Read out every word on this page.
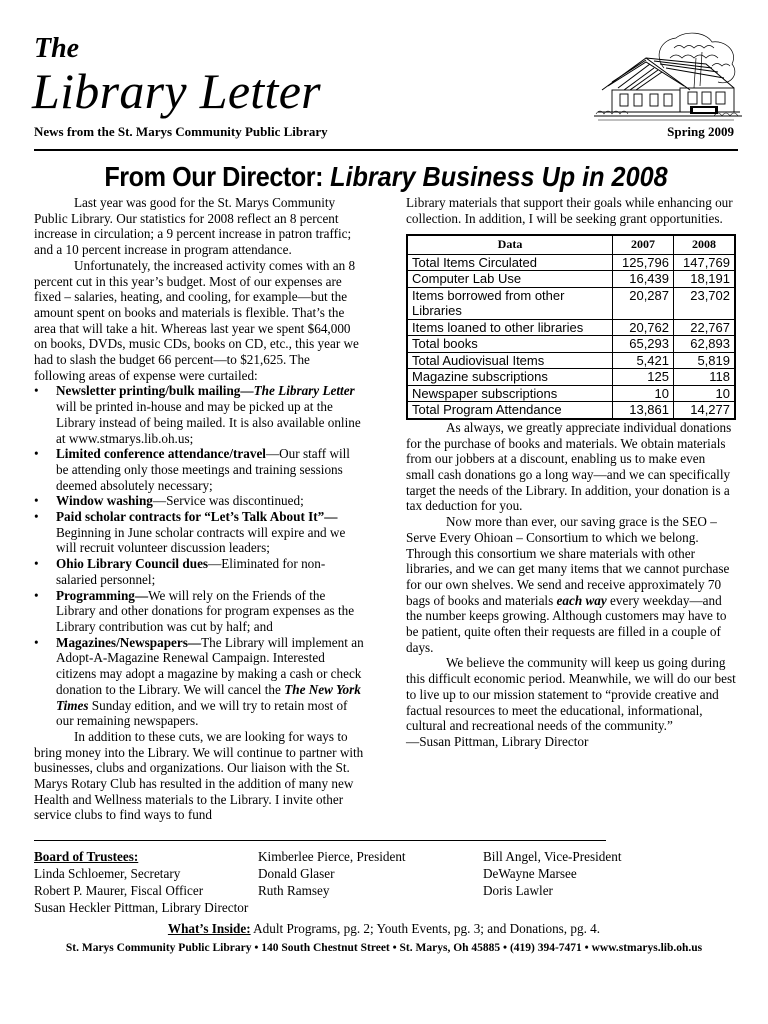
The
Library Letter
News from the St. Marys Community Public Library	Spring 2009
From Our Director: Library Business Up in 2008

Last year was good for the St. Marys Community Public Library. Our statistics for 2008 reflect an 8 percent increase in circulation; a 9 percent increase in patron traffic; and a 10 percent increase in program attendance.

Unfortunately, the increased activity comes with an 8 percent cut in this year’s budget. Most of our expenses are fixed – salaries, heating, and cooling, for example—but the amount spent on books and materials is flexible. That’s the area that will take a hit. Whereas last year we spent $64,000 on books, DVDs, music CDs, books on CD, etc., this year we had to slash the budget 66 percent—to $21,625. The following areas of expense were curtailed:

•	Newsletter printing/bulk mailing—The Library Letter will be printed in-house and may be picked up at the Library instead of being mailed. It is also available online at www.stmarys.lib.oh.us;
•	Limited conference attendance/travel—Our staff will be attending only those meetings and training sessions deemed absolutely necessary;
•	Window washing—Service was discontinued;
•	Paid scholar contracts for “Let’s Talk About It”— Beginning in June scholar contracts will expire and we will recruit volunteer discussion leaders;
•	Ohio Library Council dues—Eliminated for non-salaried personnel;
•	Programming—We will rely on the Friends of the Library and other donations for program expenses as the Library contribution was cut by half; and
•	Magazines/Newspapers—The Library will implement an Adopt-A-Magazine Renewal Campaign. Interested citizens may adopt a magazine by making a cash or check donation to the Library. We will cancel the The New York Times Sunday edition, and we will try to retain most of our remaining newspapers.

In addition to these cuts, we are looking for ways to bring money into the Library. We will continue to partner with businesses, clubs and organizations. Our liaison with the St. Marys Rotary Club has resulted in the addition of many new Health and Wellness materials to the Library. I invite other service clubs to find ways to fund

Library materials that support their goals while enhancing our collection. In addition, I will be seeking grant opportunities.

Data	2007	2008
Total Items Circulated	125,796	147,769
Computer Lab Use	16,439	18,191
Items borrowed from other Libraries	20,287	23,702
Items loaned to other libraries	20,762	22,767
Total books	65,293	62,893
Total Audiovisual Items	5,421	5,819
Magazine subscriptions	125	118
Newspaper subscriptions	10	10
Total Program Attendance	13,861	14,277

As always, we greatly appreciate individual donations for the purchase of books and materials. We obtain materials from our jobbers at a discount, enabling us to make even small cash donations go a long way—and we can specifically target the needs of the Library. In addition, your donation is a tax deduction for you.

Now more than ever, our saving grace is the SEO – Serve Every Ohioan – Consortium to which we belong. Through this consortium we share materials with other libraries, and we can get many items that we cannot purchase for our own shelves. We send and receive approximately 70 bags of books and materials each way every weekday—and the number keeps growing. Although customers may have to be patient, quite often their requests are filled in a couple of days.

We believe the community will keep us going during this difficult economic period. Meanwhile, we will do our best to live up to our mission statement to “provide creative and factual resources to meet the educational, informational, cultural and recreational needs of the community.”

—Susan Pittman, Library Director

Board of Trustees:
Linda Schloemer, Secretary
Robert P. Maurer, Fiscal Officer
Susan Heckler Pittman, Library Director
Kimberlee Pierce, President
Donald Glaser
Ruth Ramsey
Bill Angel, Vice-President
DeWayne Marsee
Doris Lawler
What’s Inside: Adult Programs, pg. 2; Youth Events, pg. 3; and Donations, pg. 4.
St. Marys Community Public Library • 140 South Chestnut Street • St. Marys, Oh 45885 • (419) 394-7471 • www.stmarys.lib.oh.us
